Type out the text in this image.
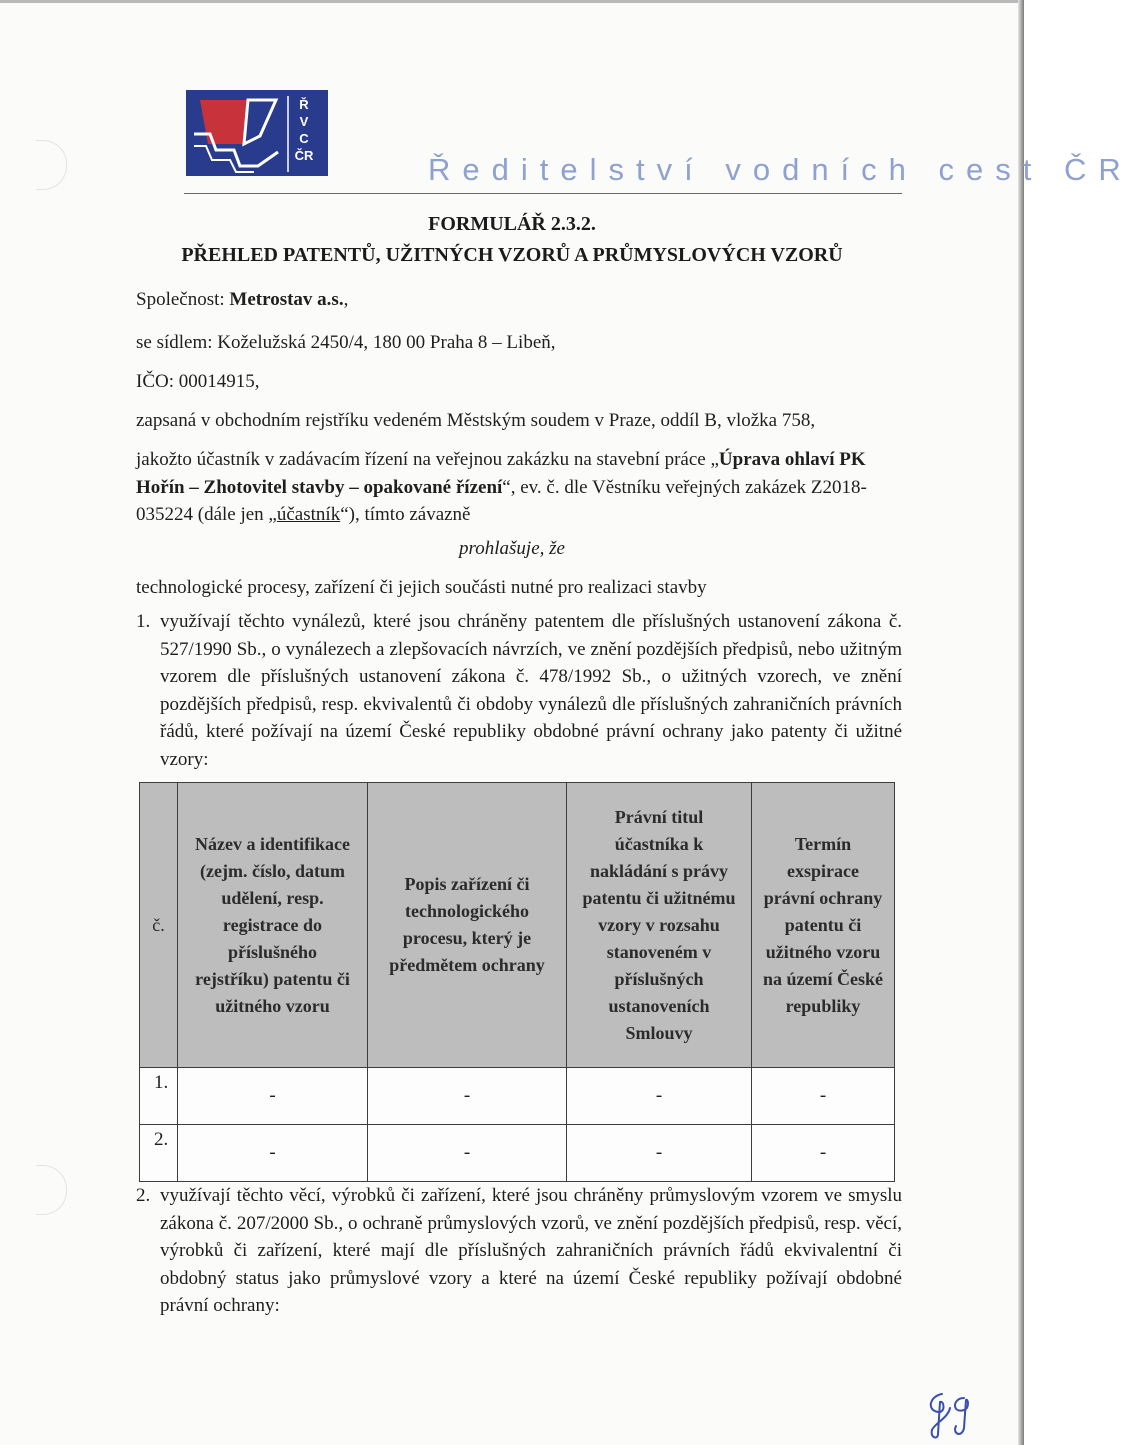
Ř
V
C
ČR	Ředitelství vodních cest ČR
FORMULÁŘ 2.3.2.
PŘEHLED PATENTŮ, UŽITNÝCH VZORŮ A PRŮMYSLOVÝCH VZORŮ
Společnost: Metrostav a.s.,
se sídlem: Koželužská 2450/4, 180 00 Praha 8 – Libeň,
IČO: 00014915,
zapsaná v obchodním rejstříku vedeném Městským soudem v Praze, oddíl B, vložka 758,
jakožto účastník v zadávacím řízení na veřejnou zakázku na stavební práce „Úprava ohlaví PK Hořín – Zhotovitel stavby – opakované řízení“, ev. č. dle Věstníku veřejných zakázek Z2018-035224 (dále jen „účastník“), tímto závazně
prohlašuje, že
technologické procesy, zařízení či jejich součásti nutné pro realizaci stavby
1. využívají těchto vynálezů, které jsou chráněny patentem dle příslušných ustanovení zákona č. 527/1990 Sb., o vynálezech a zlepšovacích návrzích, ve znění pozdějších předpisů, nebo užitným vzorem dle příslušných ustanovení zákona č. 478/1992 Sb., o užitných vzorech, ve znění pozdějších předpisů, resp. ekvivalentů či obdoby vynálezů dle příslušných zahraničních právních řádů, které požívají na území České republiky obdobné právní ochrany jako patenty či užitné vzory:
č.	Název a identifikace (zejm. číslo, datum udělení, resp. registrace do příslušného rejstříku) patentu či užitného vzoru	Popis zařízení či technologického procesu, který je předmětem ochrany	Právní titul účastníka k nakládání s právy patentu či užitnému vzory v rozsahu stanoveném v příslušných ustanoveních Smlouvy	Termín exspirace právní ochrany patentu či užitného vzoru na území České republiky
1.	-	-	-	-
2.	-	-	-	-
2. využívají těchto věcí, výrobků či zařízení, které jsou chráněny průmyslovým vzorem ve smyslu zákona č. 207/2000 Sb., o ochraně průmyslových vzorů, ve znění pozdějších předpisů, resp. věcí, výrobků či zařízení, které mají dle příslušných zahraničních právních řádů ekvivalentní či obdobný status jako průmyslové vzory a které na území České republiky požívají obdobné právní ochrany:
